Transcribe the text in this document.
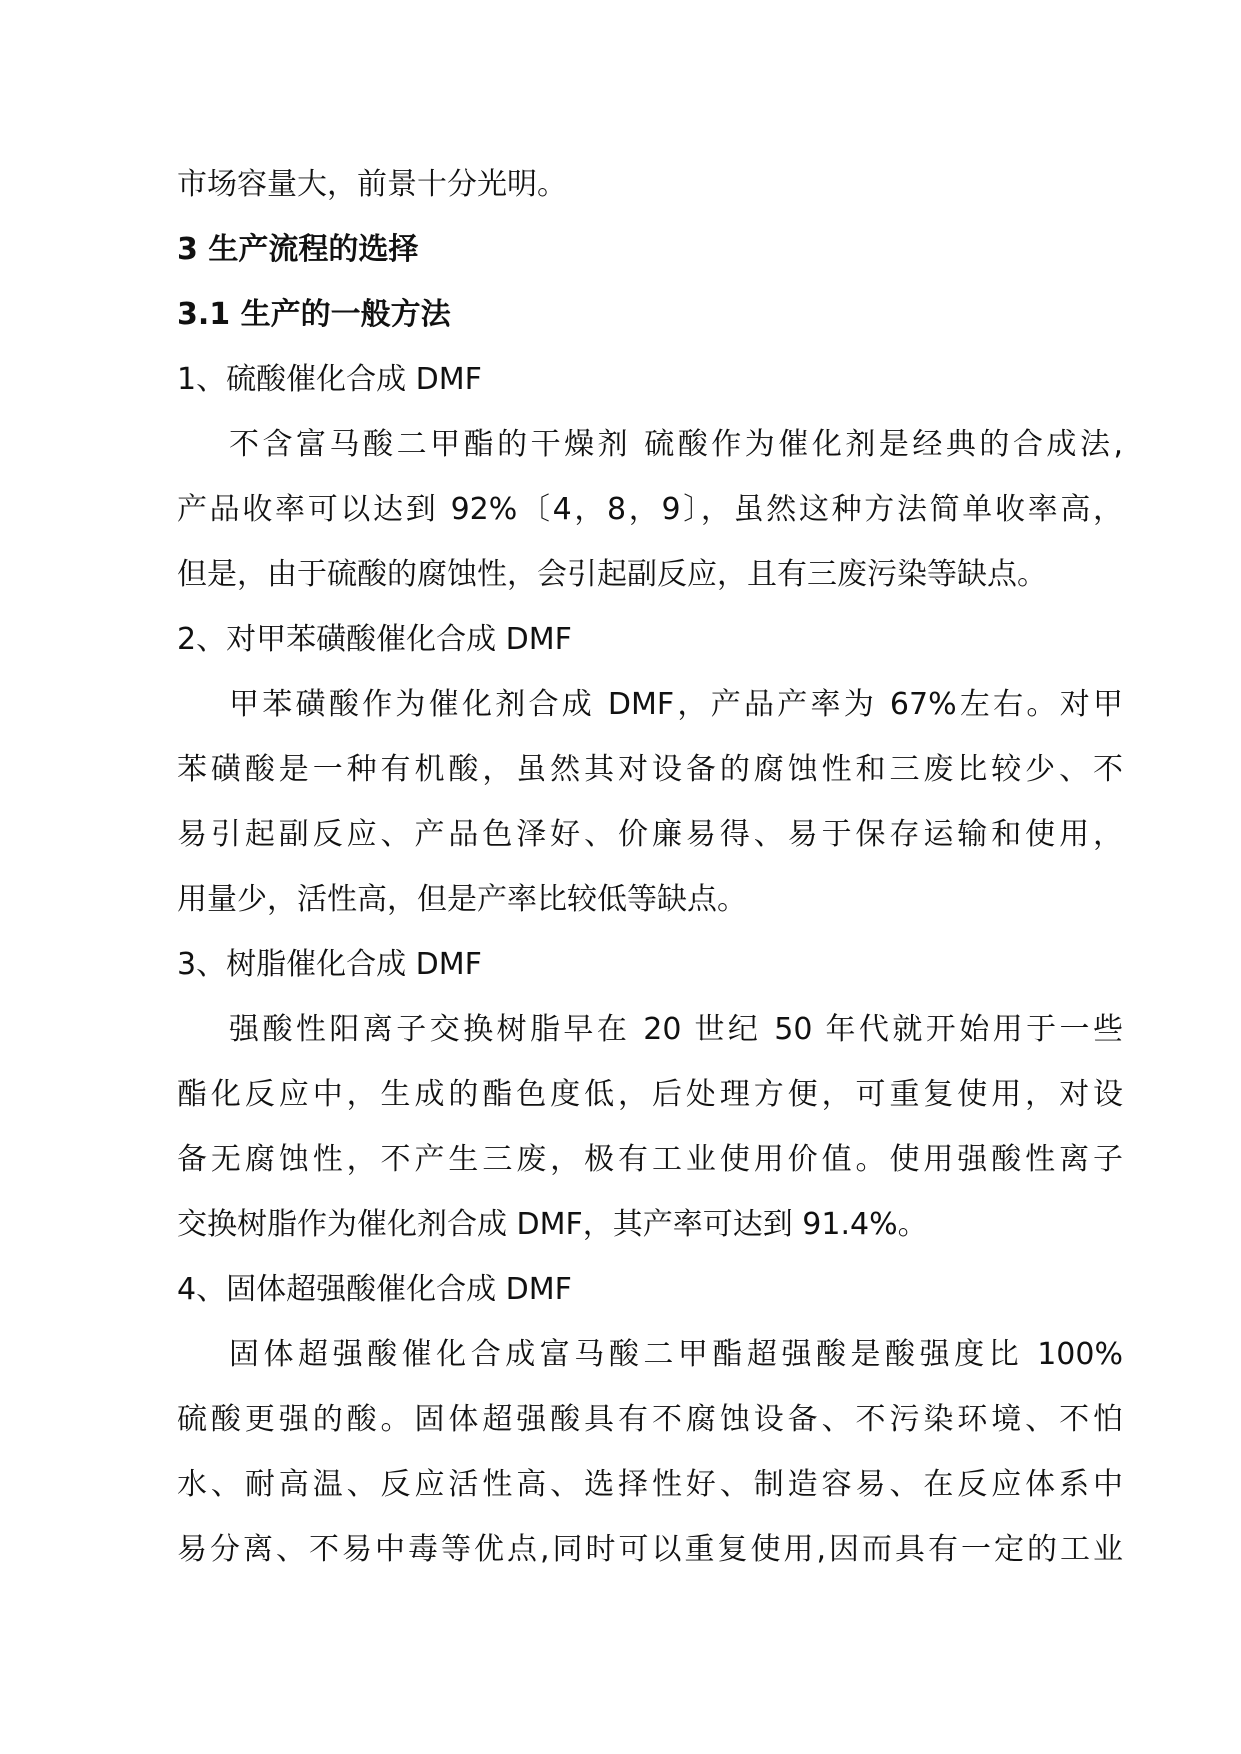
市场容量大，前景十分光明。
3 生产流程的选择
3.1 生产的一般方法
1、硫酸催化合成 DMF
不含富马酸二甲酯的干燥剂 硫酸作为催化剂是经典的合成法,
产品收率可以达到 92%〔4，8，9〕，虽然这种方法简单收率高，
但是，由于硫酸的腐蚀性，会引起副反应，且有三废污染等缺点。
2、对甲苯磺酸催化合成 DMF
甲苯磺酸作为催化剂合成 DMF，产品产率为 67%左右。对甲
苯磺酸是一种有机酸，虽然其对设备的腐蚀性和三废比较少、不
易引起副反应、产品色泽好、价廉易得、易于保存运输和使用，
用量少，活性高，但是产率比较低等缺点。
3、树脂催化合成 DMF
强酸性阳离子交换树脂早在 20 世纪 50 年代就开始用于一些
酯化反应中，生成的酯色度低，后处理方便，可重复使用，对设
备无腐蚀性，不产生三废，极有工业使用价值。使用强酸性离子
交换树脂作为催化剂合成 DMF，其产率可达到 91.4%。
4、固体超强酸催化合成 DMF
固体超强酸催化合成富马酸二甲酯超强酸是酸强度比 100%
硫酸更强的酸。固体超强酸具有不腐蚀设备、不污染环境、不怕
水、耐高温、反应活性高、选择性好、制造容易、在反应体系中
易分离、不易中毒等优点,同时可以重复使用,因而具有一定的工业
